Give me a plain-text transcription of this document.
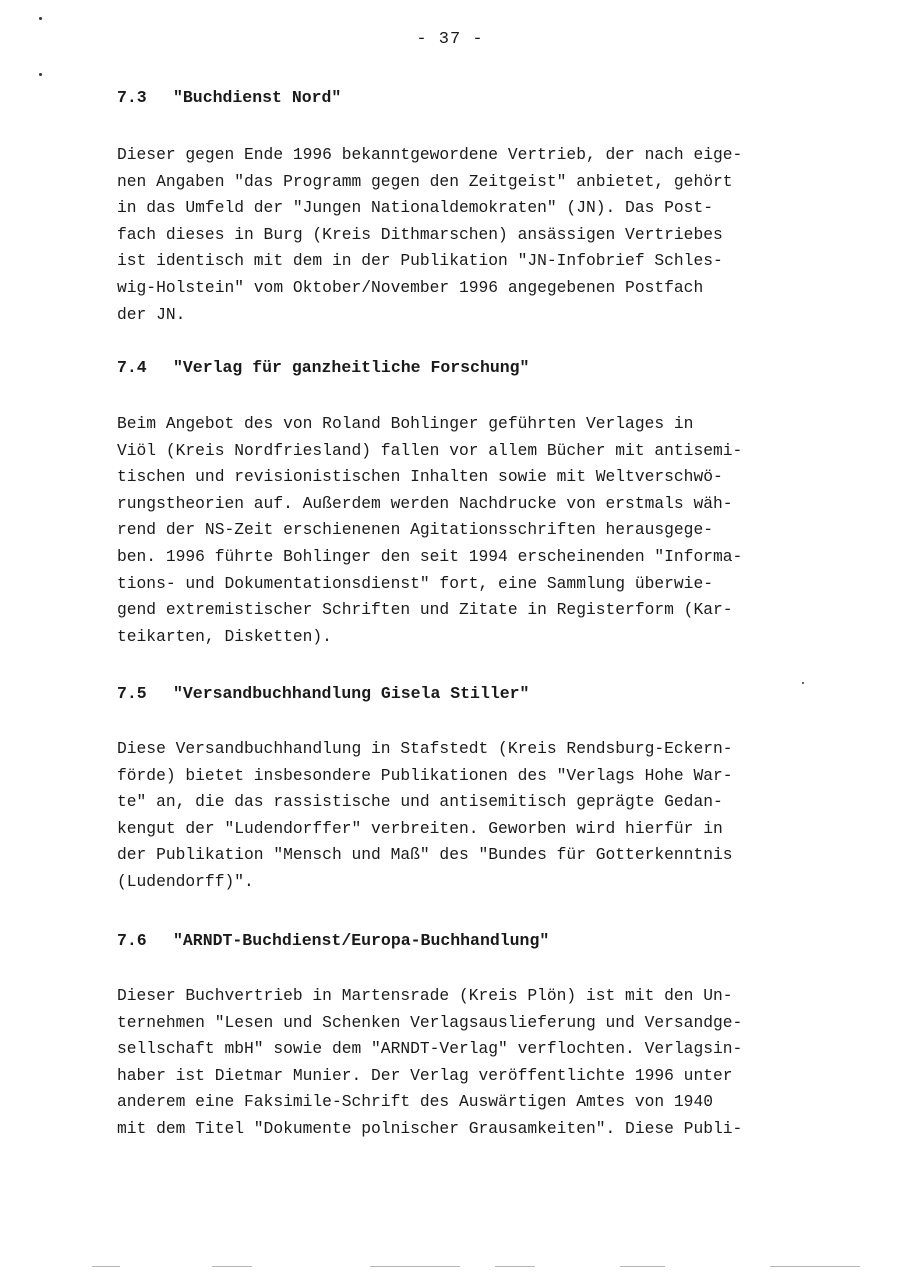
- 37 -
7.3 "Buchdienst Nord"
Dieser gegen Ende 1996 bekanntgewordene Vertrieb, der nach eige-
nen Angaben "das Programm gegen den Zeitgeist" anbietet, gehört
in das Umfeld der "Jungen Nationaldemokraten" (JN). Das Post-
fach dieses in Burg (Kreis Dithmarschen) ansässigen Vertriebes
ist identisch mit dem in der Publikation "JN-Infobrief Schles-
wig-Holstein" vom Oktober/November 1996 angegebenen Postfach
der JN.
7.4 "Verlag für ganzheitliche Forschung"
Beim Angebot des von Roland Bohlinger geführten Verlages in
Viöl (Kreis Nordfriesland) fallen vor allem Bücher mit antisemi-
tischen und revisionistischen Inhalten sowie mit Weltverschwö-
rungstheorien auf. Außerdem werden Nachdrucke von erstmals wäh-
rend der NS-Zeit erschienenen Agitationsschriften herausgege-
ben. 1996 führte Bohlinger den seit 1994 erscheinenden "Informa-
tions- und Dokumentationsdienst" fort, eine Sammlung überwie-
gend extremistischer Schriften und Zitate in Registerform (Kar-
teikarten, Disketten).
7.5 "Versandbuchhandlung Gisela Stiller"
Diese Versandbuchhandlung in Stafstedt (Kreis Rendsburg-Eckern-
förde) bietet insbesondere Publikationen des "Verlags Hohe War-
te" an, die das rassistische und antisemitisch geprägte Gedan-
kengut der "Ludendorffer" verbreiten. Geworben wird hierfür in
der Publikation "Mensch und Maß" des "Bundes für Gotterkenntnis
(Ludendorff)".
7.6 "ARNDT-Buchdienst/Europa-Buchhandlung"
Dieser Buchvertrieb in Martensrade (Kreis Plön) ist mit den Un-
ternehmen "Lesen und Schenken Verlagsauslieferung und Versandge-
sellschaft mbH" sowie dem "ARNDT-Verlag" verflochten. Verlagsin-
haber ist Dietmar Munier. Der Verlag veröffentlichte 1996 unter
anderem eine Faksimile-Schrift des Auswärtigen Amtes von 1940
mit dem Titel "Dokumente polnischer Grausamkeiten". Diese Publi-
